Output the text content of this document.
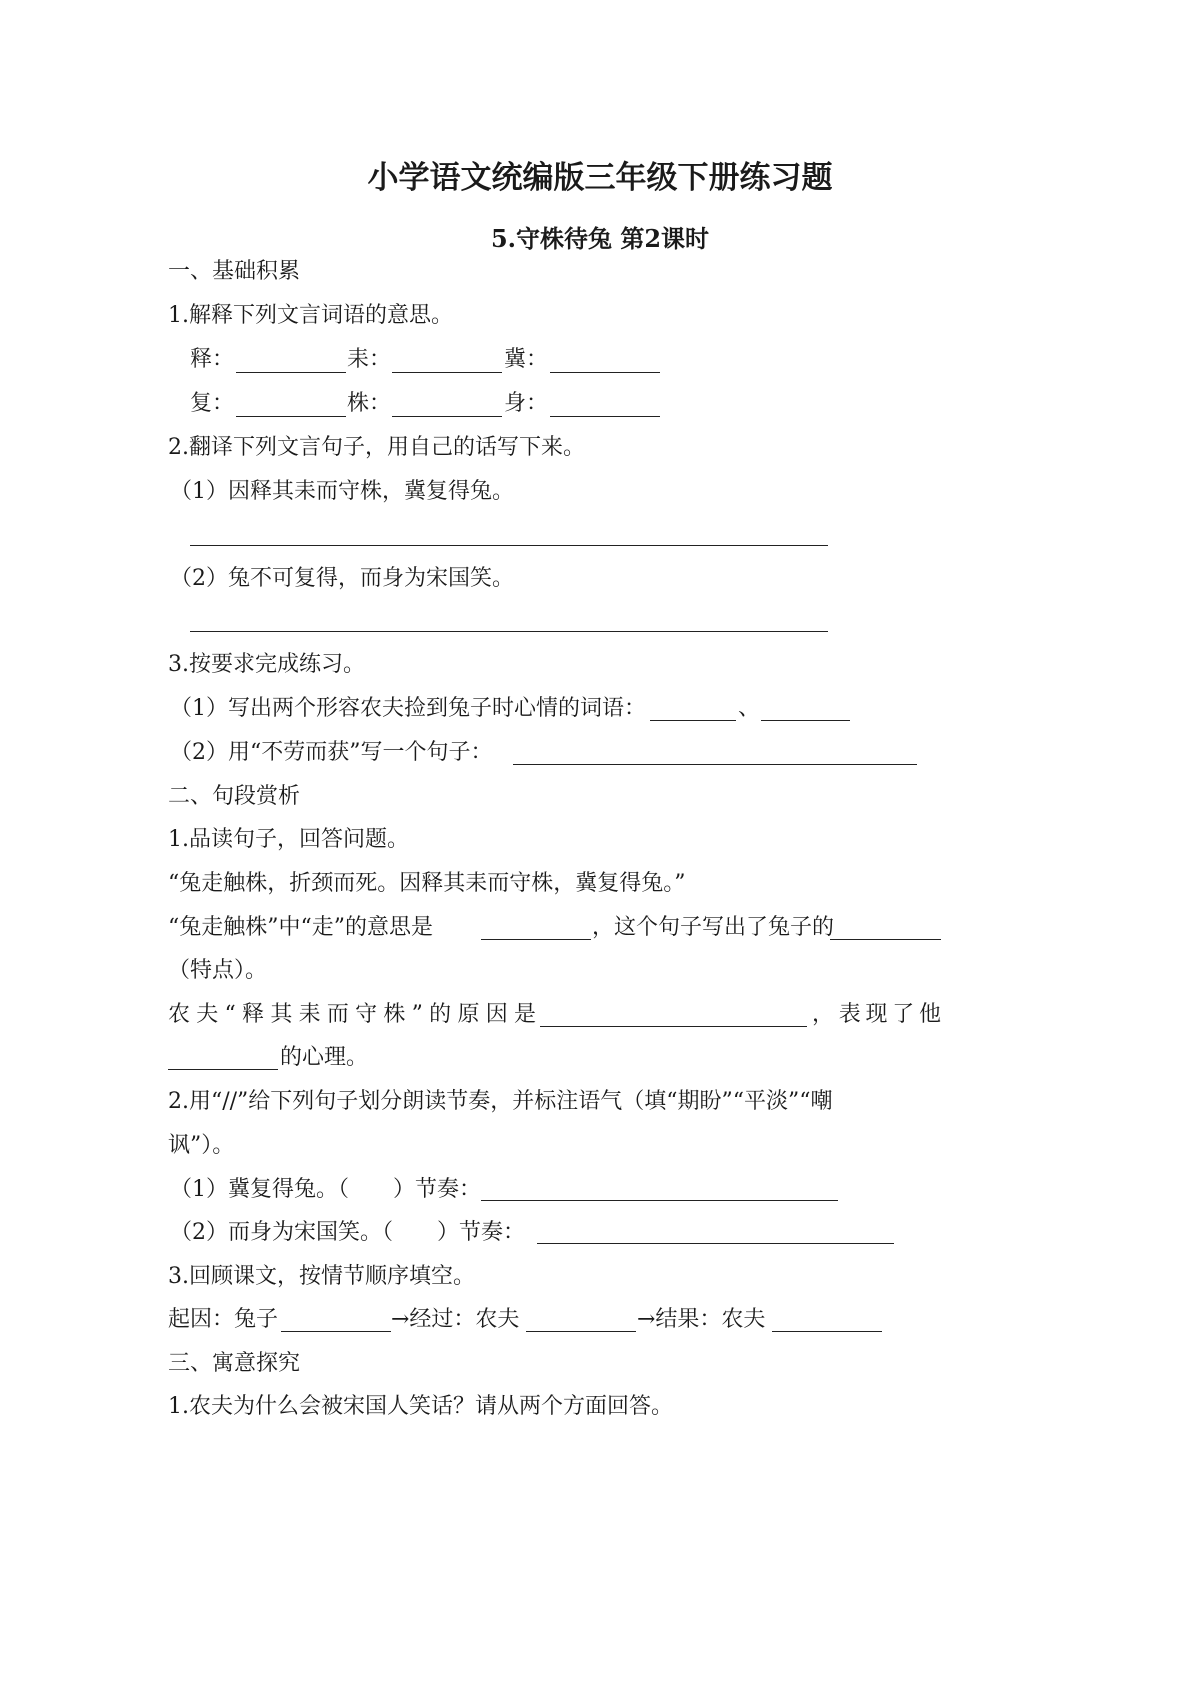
小学语文统编版三年级下册练习题
5.守株待兔 第2课时
一、基础积累
1.解释下列文言词语的意思。
释：	耒：	冀：
复：	株：	身：
2.翻译下列文言句子，用自己的话写下来。
（1）因释其耒而守株，冀复得兔。
（2）兔不可复得，而身为宋国笑。
3.按要求完成练习。
（1）写出两个形容农夫捡到兔子时心情的词语：	、
（2）用“不劳而获”写一个句子：
二、句段赏析
1.品读句子，回答问题。
“兔走触株，折颈而死。因释其耒而守株，冀复得兔。”
“兔走触株”中“走”的意思是	，这个句子写出了兔子的
（特点）。
农夫“释其耒而守株”的原因是	，表现了他
的心理。
2.用“//”给下列句子划分朗读节奏，并标注语气（填“期盼”“平淡”“嘲
讽”）。
（1）冀复得兔。（　　）节奏：
（2）而身为宋国笑。（　　）节奏：
3.回顾课文，按情节顺序填空。
起因：兔子	→经过：农夫	→结果：农夫
三、寓意探究
1.农夫为什么会被宋国人笑话？请从两个方面回答。
